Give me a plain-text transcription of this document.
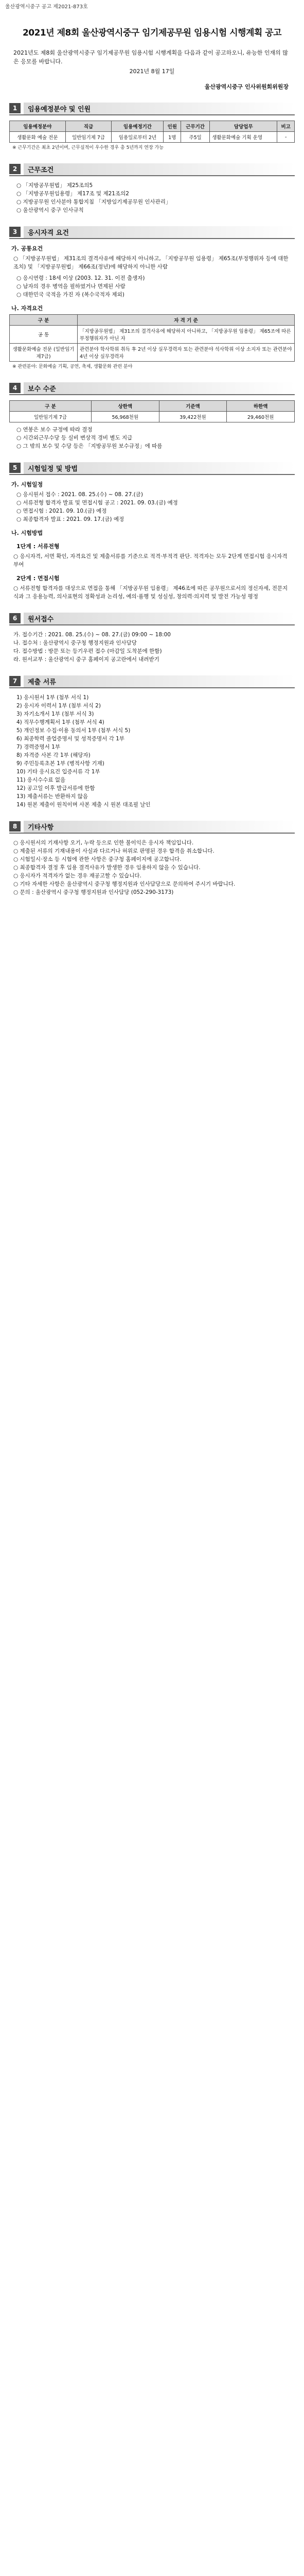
울산광역시중구 공고 제2021-873호
2021년 제8회 울산광역시중구 임기제공무원 임용시험 시행계획 공고
2021년도 제8회 울산광역시중구 임기제공무원 임용시험 시행계획을 다음과 같이 공고하오니, 유능한 인재의 많은 응모를 바랍니다.
2021년 8월 17일
울산광역시중구 인사위원회위원장
1	임용예정분야 및 인원
임용예정분야	직급	임용예정기간	인원	근무기간	담당업무	비고
생활문화 예술 전문	일반임기제 7급	임용일로부터 2년	1명	주5일	생활문화예술 기획 운영	-
※ 근무기간은 최초 2년이며, 근무실적이 우수한 경우 총 5년까지 연장 가능
2	근무조건
○ 「지방공무원법」 제25조의5
○ 「지방공무원임용령」 제17조 및 제21조의2
○ 지방공무원 인사분야 통합지침 「지방임기제공무원 인사관리」
○ 울산광역시 중구 인사규칙
3	응시자격 요건
가. 공통요건
○ 「지방공무원법」 제31조의 결격사유에 해당하지 아니하고, 「지방공무원 임용령」 제65조(부정행위자 등에 대한 조치) 및 「지방공무원법」 제66조(정년)에 해당하지 아니한 사람
○ 응시연령 : 18세 이상 (2003. 12. 31. 이전 출생자)
○ 남자의 경우 병역을 필하였거나 면제된 사람
○ 대한민국 국적을 가진 자 (복수국적자 제외)
나. 자격요건
구 분	자 격 기 준
공 통	「지방공무원법」 제31조의 결격사유에 해당하지 아니하고, 「지방공무원 임용령」 제65조에 따른 부정행위자가 아닌 자
생활문화예술 전문 (일반임기제7급)	관련분야 학사학위 취득 후 2년 이상 실무경력자 또는 관련분야 석사학위 이상 소지자 또는 관련분야 4년 이상 실무경력자
※ 관련분야: 문화예술 기획, 공연, 축제, 생활문화 관련 분야
4	보수 수준
구 분	상한액	기준액	하한액
일반임기제 7급	56,968천원	39,422천원	29,460천원
○ 연봉은 보수 규정에 따라 결정
○ 시간외근무수당 등 실비 변상적 경비 별도 지급
○ 그 밖의 보수 및 수당 등은 「지방공무원 보수규정」에 따름
5	시험일정 및 방법
가. 시험일정
○ 응시원서 접수 : 2021. 08. 25.(수) ~ 08. 27.(금)
○ 서류전형 합격자 발표 및 면접시험 공고 : 2021. 09. 03.(금) 예정
○ 면접시험 : 2021. 09. 10.(금) 예정
○ 최종합격자 발표 : 2021. 09. 17.(금) 예정
나. 시험방법
1단계 : 서류전형
○ 응시자격, 서면 확인, 자격요건 및 제출서류를 기준으로 적격·부적격 판단. 적격자는 모두 2단계 면접시험 응시자격 부여
2단계 : 면접시험
○ 서류전형 합격자를 대상으로 면접을 통해 「지방공무원 임용령」 제46조에 따른 공무원으로서의 정신자세, 전문지식과 그 응용능력, 의사표현의 정확성과 논리성, 예의·품행 및 성실성, 창의력·의지력 및 발전 가능성 평정
6	원서접수
가. 접수기간 : 2021. 08. 25.(수) ~ 08. 27.(금) 09:00 ~ 18:00
나. 접수처 : 울산광역시 중구청 행정지원과 인사담당
다. 접수방법 : 방문 또는 등기우편 접수 (마감일 도착분에 한함)
라. 원서교부 : 울산광역시 중구 홈페이지 공고란에서 내려받기
7	제출 서류
1) 응시원서 1부 (첨부 서식 1)
2) 응시자 이력서 1부 (첨부 서식 2)
3) 자기소개서 1부 (첨부 서식 3)
4) 직무수행계획서 1부 (첨부 서식 4)
5) 개인정보 수집·이용 동의서 1부 (첨부 서식 5)
6) 최종학력 졸업증명서 및 성적증명서 각 1부
7) 경력증명서 1부
8) 자격증 사본 각 1부 (해당자)
9) 주민등록초본 1부 (병적사항 기재)
10) 기타 응시요건 입증서류 각 1부
11) 응시수수료 없음
12) 공고일 이후 발급서류에 한함
13) 제출서류는 반환하지 않음
14) 원본 제출이 원칙이며 사본 제출 시 원본 대조필 날인
8	기타사항
○ 응시원서의 기재사항 오기, 누락 등으로 인한 불이익은 응시자 책임입니다.
○ 제출된 서류의 기재내용이 사실과 다르거나 허위로 판명된 경우 합격을 취소합니다.
○ 시험일시·장소 등 시험에 관한 사항은 중구청 홈페이지에 공고합니다.
○ 최종합격자 결정 후 임용 결격사유가 발생한 경우 임용하지 않을 수 있습니다.
○ 응시자가 적격자가 없는 경우 재공고할 수 있습니다.
○ 기타 자세한 사항은 울산광역시 중구청 행정지원과 인사담당으로 문의하여 주시기 바랍니다.
○ 문의 : 울산광역시 중구청 행정지원과 인사담당 (052-290-3173)
